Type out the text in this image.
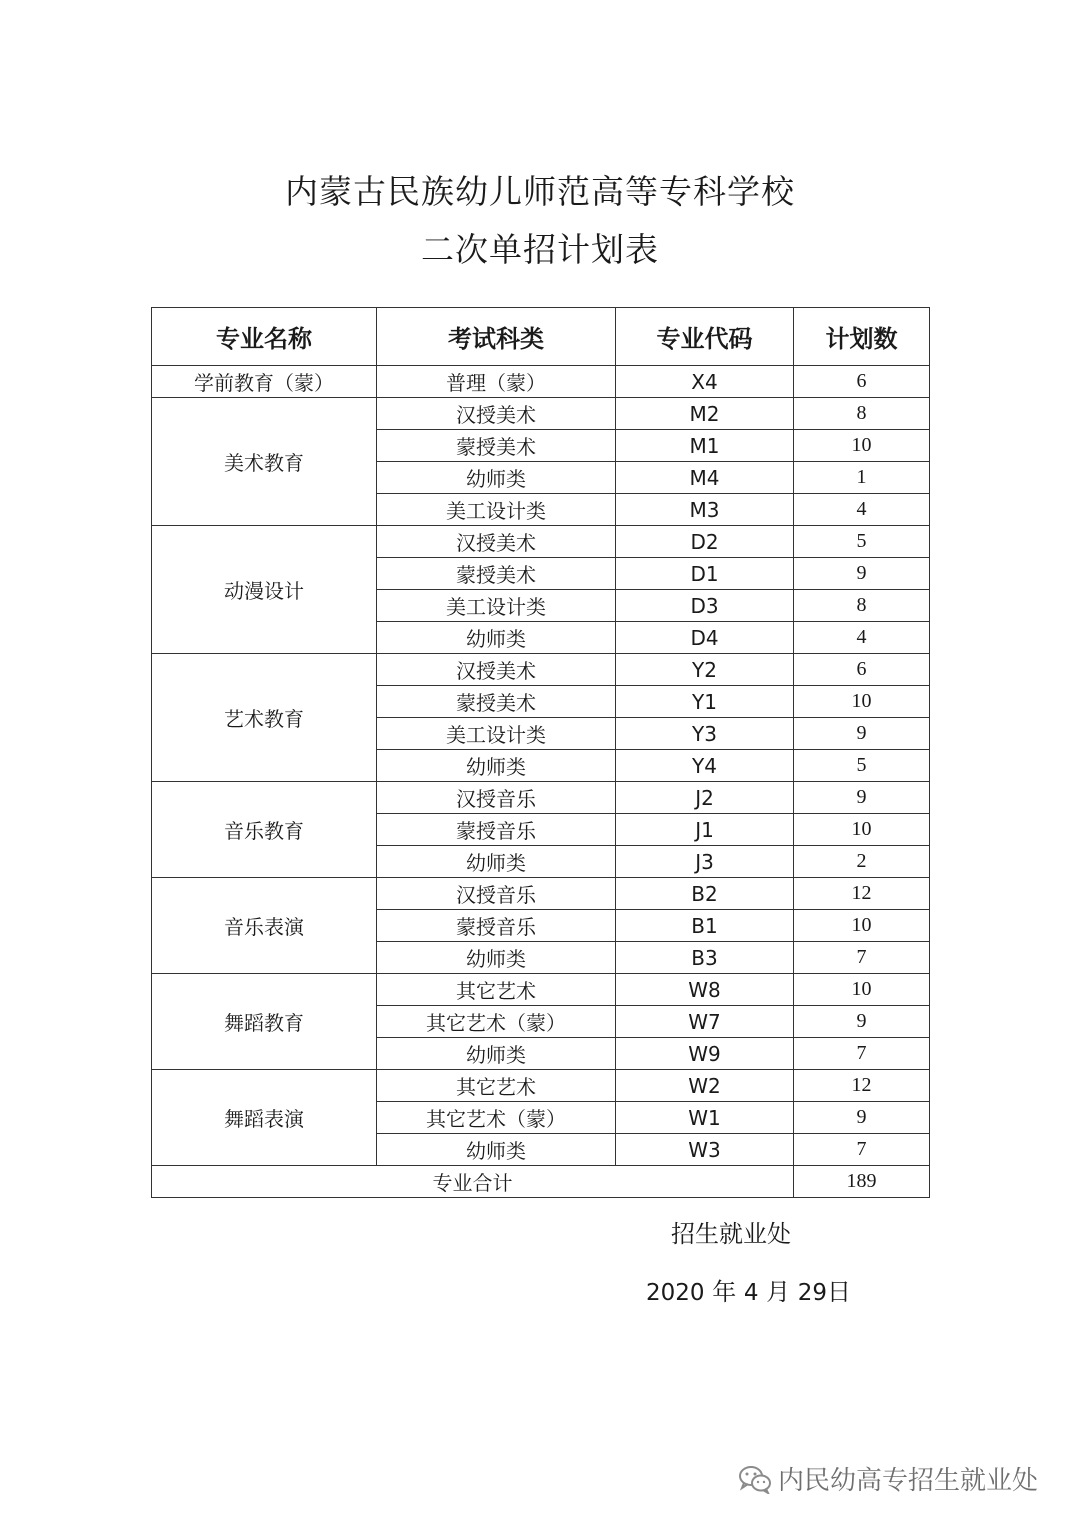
内蒙古民族幼儿师范高等专科学校
二次单招计划表
专业名称	考试科类	专业代码	计划数
学前教育（蒙）	普理（蒙）	X4	6
美术教育	汉授美术	M2	8
	蒙授美术	M1	10
	幼师类	M4	1
	美工设计类	M3	4
动漫设计	汉授美术	D2	5
	蒙授美术	D1	9
	美工设计类	D3	8
	幼师类	D4	4
艺术教育	汉授美术	Y2	6
	蒙授美术	Y1	10
	美工设计类	Y3	9
	幼师类	Y4	5
音乐教育	汉授音乐	J2	9
	蒙授音乐	J1	10
	幼师类	J3	2
音乐表演	汉授音乐	B2	12
	蒙授音乐	B1	10
	幼师类	B3	7
舞蹈教育	其它艺术	W8	10
	其它艺术（蒙）	W7	9
	幼师类	W9	7
舞蹈表演	其它艺术	W2	12
	其它艺术（蒙）	W1	9
	幼师类	W3	7
专业合计			189
招生就业处
2020 年 4 月 29日
内民幼高专招生就业处
